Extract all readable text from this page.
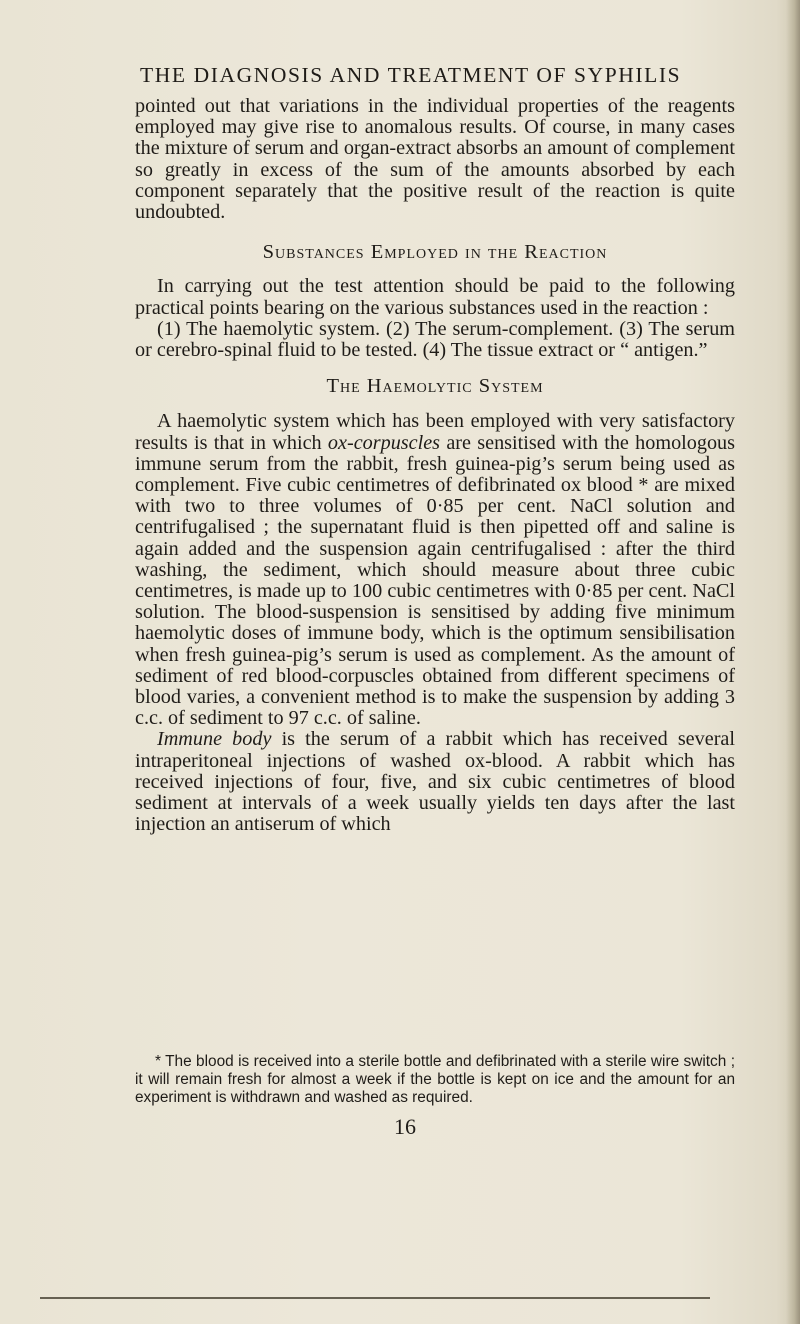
THE DIAGNOSIS AND TREATMENT OF SYPHILIS

pointed out that variations in the individual properties of the reagents employed may give rise to anomalous results. Of course, in many cases the mixture of serum and organ-extract absorbs an amount of complement so greatly in excess of the sum of the amounts absorbed by each component separately that the positive result of the reaction is quite undoubted.

Substances Employed in the Reaction

In carrying out the test attention should be paid to the following practical points bearing on the various substances used in the reaction :

(1) The haemolytic system. (2) The serum-complement. (3) The serum or cerebro-spinal fluid to be tested. (4) The tissue extract or “ antigen.”

The Haemolytic System

A haemolytic system which has been employed with very satisfactory results is that in which ox-corpuscles are sensitised with the homologous immune serum from the rabbit, fresh guinea-pig’s serum being used as complement. Five cubic centimetres of defibrinated ox blood * are mixed with two to three volumes of 0·85 per cent. NaCl solution and centrifugalised ; the supernatant fluid is then pipetted off and saline is again added and the suspension again centrifugalised : after the third washing, the sediment, which should measure about three cubic centimetres, is made up to 100 cubic centimetres with 0·85 per cent. NaCl solution. The blood-suspension is sensitised by adding five minimum haemolytic doses of immune body, which is the optimum sensibilisation when fresh guinea-pig’s serum is used as complement. As the amount of sediment of red blood-corpuscles obtained from different specimens of blood varies, a convenient method is to make the suspension by adding 3 c.c. of sediment to 97 c.c. of saline.

Immune body is the serum of a rabbit which has received several intraperitoneal injections of washed ox-blood. A rabbit which has received injections of four, five, and six cubic centimetres of blood sediment at intervals of a week usually yields ten days after the last injection an antiserum of which

* The blood is received into a sterile bottle and defibrinated with a sterile wire switch ; it will remain fresh for almost a week if the bottle is kept on ice and the amount for an experiment is withdrawn and washed as required.

16
